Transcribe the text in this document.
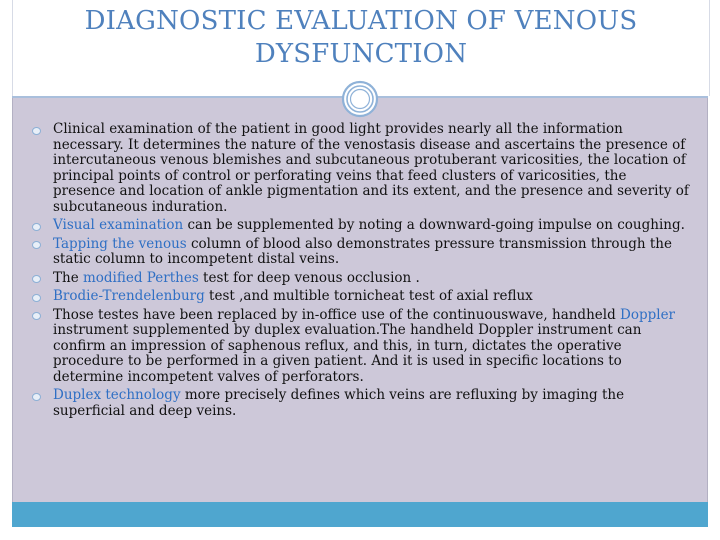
DIAGNOSTIC EVALUATION OF VENOUS
DYSFUNCTION
Clinical examination of the patient in good light provides nearly all the information necessary. It determines the nature of the venostasis disease and ascertains the presence of intercutaneous venous blemishes and subcutaneous protuberant varicosities, the location of principal points of control or perforating veins that feed clusters of varicosities, the presence and location of ankle pigmentation and its extent, and the presence and severity of subcutaneous induration.
Visual examination can be supplemented by noting a downward-going impulse on coughing.
Tapping the venous column of blood also demonstrates pressure transmission through the static column to incompetent distal veins.
The modified Perthes test for deep venous occlusion .
Brodie-Trendelenburg test ,and multible tornicheat test of axial reflux
Those testes have been replaced by in-office use of the continuouswave, handheld Doppler instrument supplemented by duplex evaluation.The handheld Doppler instrument can confirm an impression of saphenous reflux, and this, in turn, dictates the operative procedure to be performed in a given patient. And it is used in specific locations to determine incompetent valves of perforators.
Duplex technology more precisely defines which veins are refluxing by imaging the superficial and deep veins.
